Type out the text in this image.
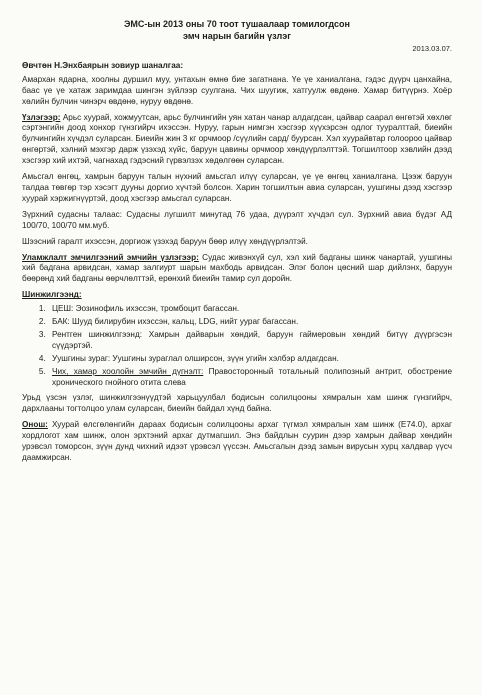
ЭМС-ын 2013 оны 70 тоот тушаалаар томилогдсон
эмч нарын багийн үзлэг
2013.03.07.
Өвчтөн Н.Энхбаярын зовиур шаналгаа:

Амархан ядарна, хоолны дуршил муу, унтахын өмнө бие загатнана. Үе үе ханиалгана, гэдэс дүүрч цанхайна, баас үе үе хатаж заримдаа шингэн зүйлээр суулгана. Чих шуугиж, хатгуулж өвдөнө. Хамар битүүрнэ. Хоёр хөлийн булчин чинэрч өвдөнө, нуруу өвдөнө.

Үзлэгээр: Арьс хуурай, хожмуутсан, арьс булчингийн уян хатан чанар алдагдсан, цайвар саарал өнгөтэй хөхлөг сэртэнгийн доод хонхор гүнзгийрч ихэссэн. Нуруу, гарын нимгэн хэсгээр хүүхэрсэн одлог тууралттай, биеийн булчингийн хүчдэл суларсан. Биеийн жин 3 кг орчмоор /сүүлийн сард/ буурсан. Хэл хуурайвтар голоороо цайвар өнгөртэй, хэлний мэхгэр дарж үзэхэд хүйс, баруун цавины орчмоор хөндүүрлэлттэй. Тогшилтоор хэвлийн дээд хэсгээр хий ихтэй, чагнахад гэдэсний гүрвэлзэх хөдөлгөөн суларсан.

Амьсгал өнгөц, хамрын баруун талын нүхний амьсгал илүү суларсан, үе үе өнгөц ханиалгана. Цээж баруун талдаа төвгөр тэр хэсэгт дууны доргио хүчтэй болсон. Харин тогшилтын авиа суларсан, уушгины дээд хэсгээр хуурай хэржигнүүртэй, доод хэсгээр амьсгал суларсан.

Зүрхний судасны талаас: Судасны лугшилт минутад 76 удаа, дүүрэлт хүчдэл сул. Зүрхний авиа бүдэг АД 100/70, 100/70 мм.муб.

Шээсний гаралт ихэссэн, доргиож үзэхэд баруун бөөр илүү хөндүүрлэлтэй.

Уламжлалт эмчилгээний эмчийн үзлэгээр: Судас живэнхүй сул, хэл хий бадганы шинж чанартай, уушгины хий бадгана арвидсан, хамар залгиурт шарын махбодь арвидсан. Элэг болон цөсний шар дийлэнх, баруун бөөрөнд хий бадганы өөрчлөлттэй, ерөнхий биеийн тамир сул доройн.

Шинжилгээнд:
1. ЦЕШ: Эозинофиль ихэссэн, тромбоцит багассан.
2. БАК: Шууд билирубин ихэссэн, кальц, LDG, нийт уураг багассан.
3. Рентген шинжилгээнд: Хамрын дайварын хөндий, баруун гаймеровын хөндий битүү дүүргэсэн сүүдэртэй.
4. Уушгины зураг: Уушгины зураглал олширсон, зүүн угийн хэлбэр алдагдсан.
5. Чих, хамар хоолойн эмчийн дүгнэлт: Правосторонный тотальный полипозный антрит, обострение хронического гнойного отита слева

Урьд үзсэн үзлэг, шинжилгээнүүдтэй харьцуулбал бодисын солилцооны хямралын хам шинж гүнзгийрч, дархлааны тогтолцоо улам суларсан, биеийн байдал хүнд байна.

Онош: Хуурай өлсгөлөнгийн дараах бодисын солилцооны архаг түгмэл хямралын хам шинж (Е74.0), архаг хордлогот хам шинж, олон эрхтэний архаг дутмагшил. Энэ байдлын суурин дээр хамрын дайвар хөндийн урэвсэл томорсон, зүүн дунд чихний идээт үрэвсэл үүссэн. Амьсгалын дээд замын вирусын хурц халдвар үүсч даамжирсан.
